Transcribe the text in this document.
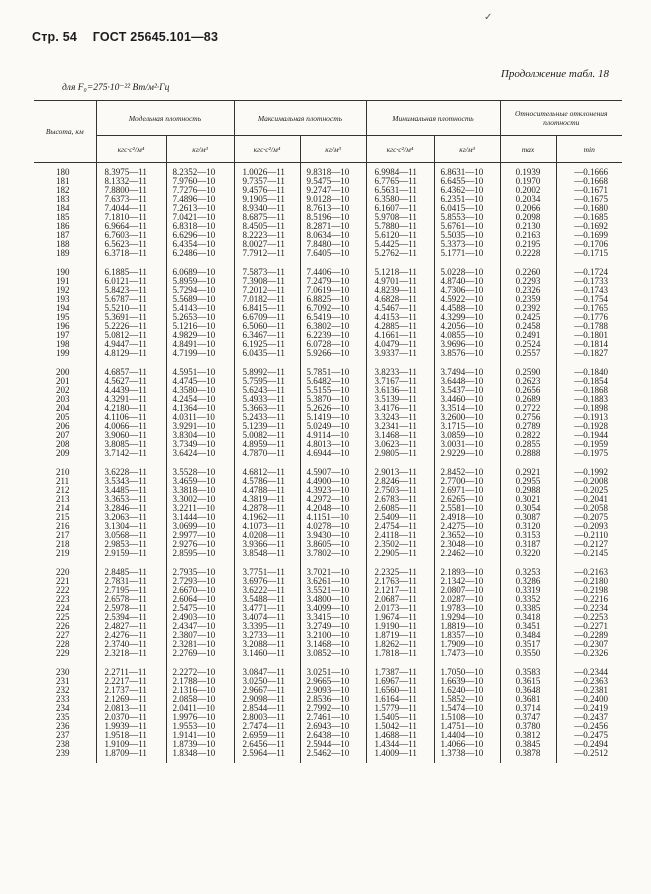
Стр. 54 ГОСТ 25645.101—83
✓
Продолжение табл. 18
для F₀=275·10⁻²² Вт/м²·Гц
Высота, км	Модельная плотность		Максимальная плотность		Минимальная плотность		Относительные отклонения плотности	
	кгс·с²/м⁴	кг/м³	кгс·с²/м⁴	кг/м³	кгс·с²/м⁴	кг/м³	max	min

180	8.3975—11	8.2352—10	1.0026—11	9.8318—10	6.9984—11	6.8631—10	0.1939	—0.1666
181	8.1332—11	7.9760—10	9.7357—11	9.5475—10	6.7765—11	6.6455—10	0.1970	—0.1668
182	7.8800—11	7.7276—10	9.4576—11	9.2747—10	6.5631—11	6.4362—10	0.2002	—0.1671
183	7.6373—11	7.4896—10	9.1905—11	9.0128—10	6.3580—11	6.2351—10	0.2034	—0.1675
184	7.4044—11	7.2613—10	8.9340—11	8.7613—10	6.1607—11	6.0415—10	0.2066	—0.1680
185	7.1810—11	7.0421—10	8.6875—11	8.5196—10	5.9708—11	5.8553—10	0.2098	—0.1685
186	6.9664—11	6.8318—10	8.4505—11	8.2871—10	5.7880—11	5.6761—10	0.2130	—0.1692
187	6.7603—11	6.6296—10	8.2223—11	8.0634—10	5.6120—11	5.5035—10	0.2163	—0.1699
188	6.5623—11	6.4354—10	8.0027—11	7.8480—10	5.4425—11	5.3373—10	0.2195	—0.1706
189	6.3718—11	6.2486—10	7.7912—11	7.6405—10	5.2762—11	5.1771—10	0.2228	—0.1715

190	6.1885—11	6.0689—10	7.5873—11	7.4406—10	5.1218—11	5.0228—10	0.2260	—0.1724
191	6.0121—11	5.8959—10	7.3908—11	7.2479—10	4.9701—11	4.8740—10	0.2293	—0.1733
192	5.8423—11	5.7294—10	7.2012—11	7.0619—10	4.8239—11	4.7306—10	0.2326	—0.1743
193	5.6787—11	5.5689—10	7.0182—11	6.8825—10	4.6828—11	4.5922—10	0.2359	—0.1754
194	5.5210—11	5.4143—10	6.8415—11	6.7092—10	4.5467—11	4.4588—10	0.2392	—0.1765
195	5.3691—11	5.2653—10	6.6709—11	6.5419—10	4.4153—11	4.3299—10	0.2425	—0.1776
196	5.2226—11	5.1216—10	6.5060—11	6.3802—10	4.2885—11	4.2056—10	0.2458	—0.1788
197	5.0812—11	4.9829—10	6.3467—11	6.2239—10	4.1661—11	4.0855—10	0.2491	—0.1801
198	4.9447—11	4.8491—10	6.1925—11	6.0728—10	4.0479—11	3.9696—10	0.2524	—0.1814
199	4.8129—11	4.7199—10	6.0435—11	5.9266—10	3.9337—11	3.8576—10	0.2557	—0.1827

200	4.6857—11	4.5951—10	5.8992—11	5.7851—10	3.8233—11	3.7494—10	0.2590	—0.1840
201	4.5627—11	4.4745—10	5.7595—11	5.6482—10	3.7167—11	3.6448—10	0.2623	—0.1854
202	4.4439—11	4.3580—10	5.6243—11	5.5155—10	3.6136—11	3.5437—10	0.2656	—0.1868
203	4.3291—11	4.2454—10	5.4933—11	5.3870—10	3.5139—11	3.4460—10	0.2689	—0.1883
204	4.2180—11	4.1364—10	5.3663—11	5.2626—10	3.4176—11	3.3514—10	0.2722	—0.1898
205	4.1106—11	4.0311—10	5.2433—11	5.1419—10	3.3243—11	3.2600—10	0.2756	—0.1913
206	4.0066—11	3.9291—10	5.1239—11	5.0249—10	3.2341—11	3.1715—10	0.2789	—0.1928
207	3.9060—11	3.8304—10	5.0082—11	4.9114—10	3.1468—11	3.0859—10	0.2822	—0.1944
208	3.8085—11	3.7349—10	4.8959—11	4.8013—10	3.0623—11	3.0031—10	0.2855	—0.1959
209	3.7142—11	3.6424—10	4.7870—11	4.6944—10	2.9805—11	2.9229—10	0.2888	—0.1975

210	3.6228—11	3.5528—10	4.6812—11	4.5907—10	2.9013—11	2.8452—10	0.2921	—0.1992
211	3.5343—11	3.4659—10	4.5786—11	4.4900—10	2.8246—11	2.7700—10	0.2955	—0.2008
212	3.4485—11	3.3818—10	4.4788—11	4.3923—10	2.7503—11	2.6971—10	0.2988	—0.2025
213	3.3653—11	3.3002—10	4.3819—11	4.2972—10	2.6783—11	2.6265—10	0.3021	—0.2041
214	3.2846—11	3.2211—10	4.2878—11	4.2048—10	2.6085—11	2.5581—10	0.3054	—0.2058
215	3.2063—11	3.1444—10	4.1962—11	4.1151—10	2.5409—11	2.4918—10	0.3087	—0.2075
216	3.1304—11	3.0699—10	4.1073—11	4.0278—10	2.4754—11	2.4275—10	0.3120	—0.2093
217	3.0568—11	2.9977—10	4.0208—11	3.9430—10	2.4118—11	2.3652—10	0.3153	—0.2110
218	2.9853—11	2.9276—10	3.9366—11	3.8605—10	2.3502—11	2.3048—10	0.3187	—0.2127
219	2.9159—11	2.8595—10	3.8548—11	3.7802—10	2.2905—11	2.2462—10	0.3220	—0.2145

220	2.8485—11	2.7935—10	3.7751—11	3.7021—10	2.2325—11	2.1893—10	0.3253	—0.2163
221	2.7831—11	2.7293—10	3.6976—11	3.6261—10	2.1763—11	2.1342—10	0.3286	—0.2180
222	2.7195—11	2.6670—10	3.6222—11	3.5521—10	2.1217—11	2.0807—10	0.3319	—0.2198
223	2.6578—11	2.6064—10	3.5488—11	3.4800—10	2.0687—11	2.0287—10	0.3352	—0.2216
224	2.5978—11	2.5475—10	3.4771—11	3.4099—10	2.0173—11	1.9783—10	0.3385	—0.2234
225	2.5394—11	2.4903—10	3.4074—11	3.3415—10	1.9674—11	1.9294—10	0.3418	—0.2253
226	2.4827—11	2.4347—10	3.3395—11	3.2749—10	1.9190—11	1.8819—10	0.3451	—0.2271
227	2.4276—11	2.3807—10	3.2733—11	3.2100—10	1.8719—11	1.8357—10	0.3484	—0.2289
228	2.3740—11	2.3281—10	3.2088—11	3.1468—10	1.8262—11	1.7909—10	0.3517	—0.2307
229	2.3218—11	2.2769—10	3.1460—11	3.0852—10	1.7818—11	1.7473—10	0.3550	—0.2326

230	2.2711—11	2.2272—10	3.0847—11	3.0251—10	1.7387—11	1.7050—10	0.3583	—0.2344
231	2.2217—11	2.1788—10	3.0250—11	2.9665—10	1.6967—11	1.6639—10	0.3615	—0.2363
232	2.1737—11	2.1316—10	2.9667—11	2.9093—10	1.6560—11	1.6240—10	0.3648	—0.2381
233	2.1269—11	2.0858—10	2.9098—11	2.8536—10	1.6164—11	1.5852—10	0.3681	—0.2400
234	2.0813—11	2.0411—10	2.8544—11	2.7992—10	1.5779—11	1.5474—10	0.3714	—0.2419
235	2.0370—11	1.9976—10	2.8003—11	2.7461—10	1.5405—11	1.5108—10	0.3747	—0.2437
236	1.9939—11	1.9553—10	2.7474—11	2.6943—10	1.5042—11	1.4751—10	0.3780	—0.2456
237	1.9518—11	1.9141—10	2.6959—11	2.6438—10	1.4688—11	1.4404—10	0.3812	—0.2475
238	1.9109—11	1.8739—10	2.6456—11	2.5944—10	1.4344—11	1.4066—10	0.3845	—0.2494
239	1.8709—11	1.8348—10	2.5964—11	2.5462—10	1.4009—11	1.3738—10	0.3878	—0.2512
